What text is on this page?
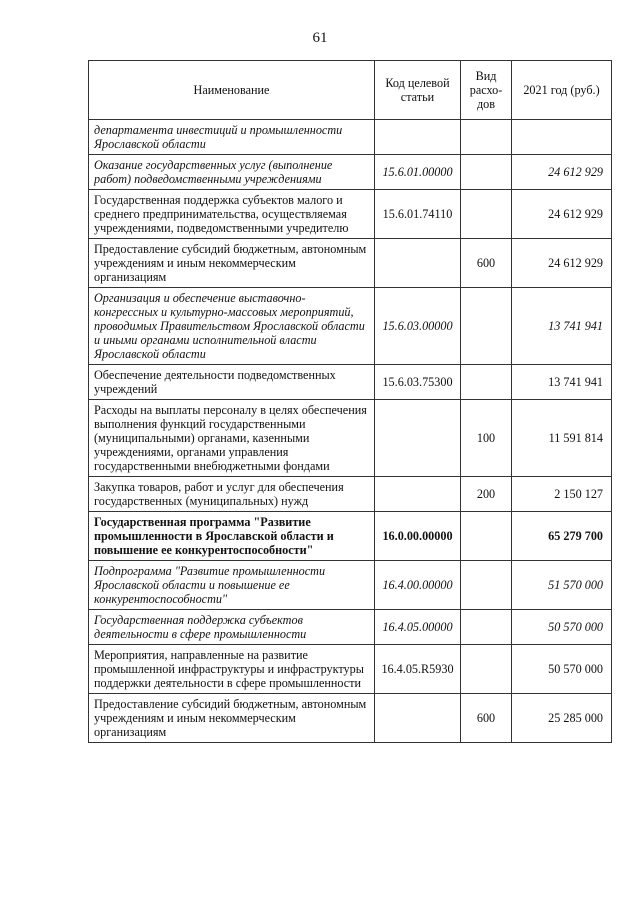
61
Наименование	Код целевой статьи	Вид расхо-дов	2021 год (руб.)
департамента инвестиций и промышленности Ярославской области			
Оказание государственных услуг (выполнение работ) подведомственными учреждениями	15.6.01.00000		24 612 929
Государственная поддержка субъектов малого и среднего предпринимательства, осуществляемая учреждениями, подведомственными учредителю	15.6.01.74110		24 612 929
Предоставление субсидий бюджетным, автономным учреждениям и иным некоммерческим организациям		600	24 612 929
Организация и обеспечение выставочно-конгрессных и культурно-массовых мероприятий, проводимых Правительством Ярославской области и иными органами исполнительной власти Ярославской области	15.6.03.00000		13 741 941
Обеспечение деятельности подведомственных учреждений	15.6.03.75300		13 741 941
Расходы на выплаты персоналу в целях обеспечения выполнения функций государственными (муниципальными) органами, казенными учреждениями, органами управления государственными внебюджетными фондами		100	11 591 814
Закупка товаров, работ и услуг для обеспечения государственных (муниципальных) нужд		200	2 150 127
Государственная программа "Развитие промышленности в Ярославской области и повышение ее конкурентоспособности"	16.0.00.00000		65 279 700
Подпрограмма "Развитие промышленности Ярославской области и повышение ее конкурентоспособности"	16.4.00.00000		51 570 000
Государственная поддержка субъектов деятельности в сфере промышленности	16.4.05.00000		50 570 000
Мероприятия, направленные на развитие промышленной инфраструктуры и инфраструктуры поддержки деятельности в сфере промышленности	16.4.05.R5930		50 570 000
Предоставление субсидий бюджетным, автономным учреждениям и иным некоммерческим организациям		600	25 285 000
